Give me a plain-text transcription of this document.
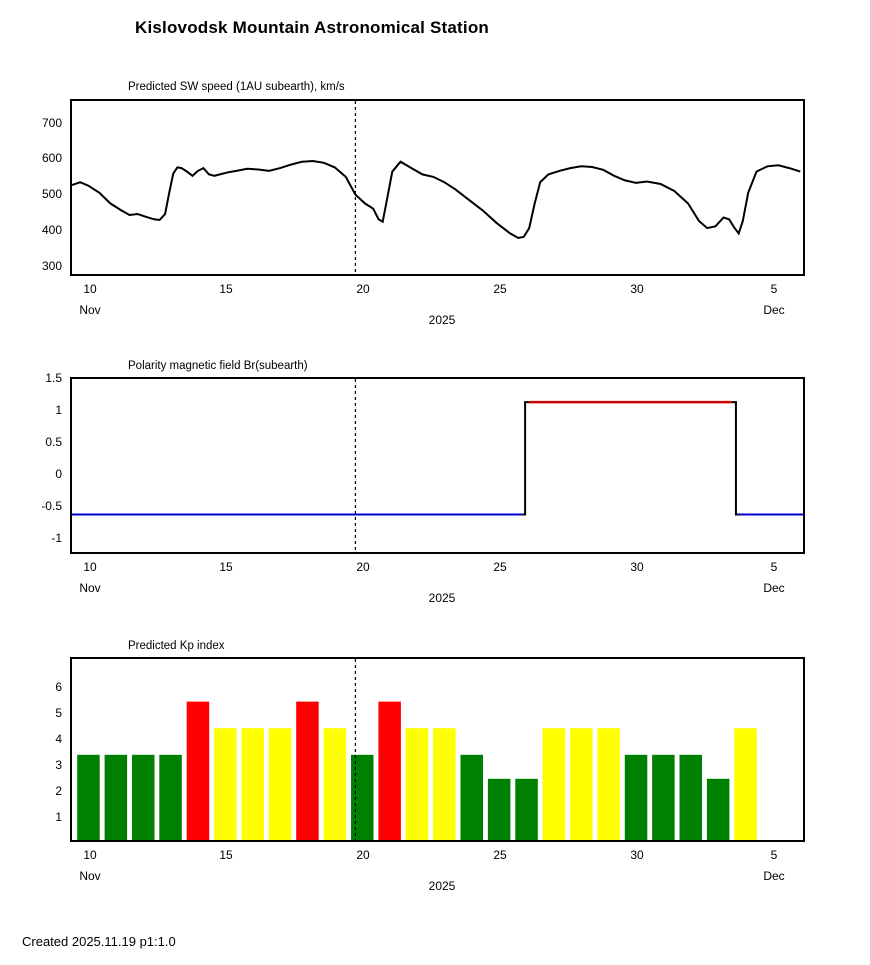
Kislovodsk Mountain Astronomical Station
Predicted SW speed (1AU subearth), km/s
700
600
500
400
300
10	15	20	25	30	5
Nov	Dec
2025
Polarity magnetic field Br(subearth)
1.5
1
0.5
0
-0.5
-1
10	15	20	25	30	5
Nov	Dec
2025
Predicted Kp index
6
5
4
3
2
1
10	15	20	25	30	5
Nov	Dec
2025
Created 2025.11.19 p1:1.0
